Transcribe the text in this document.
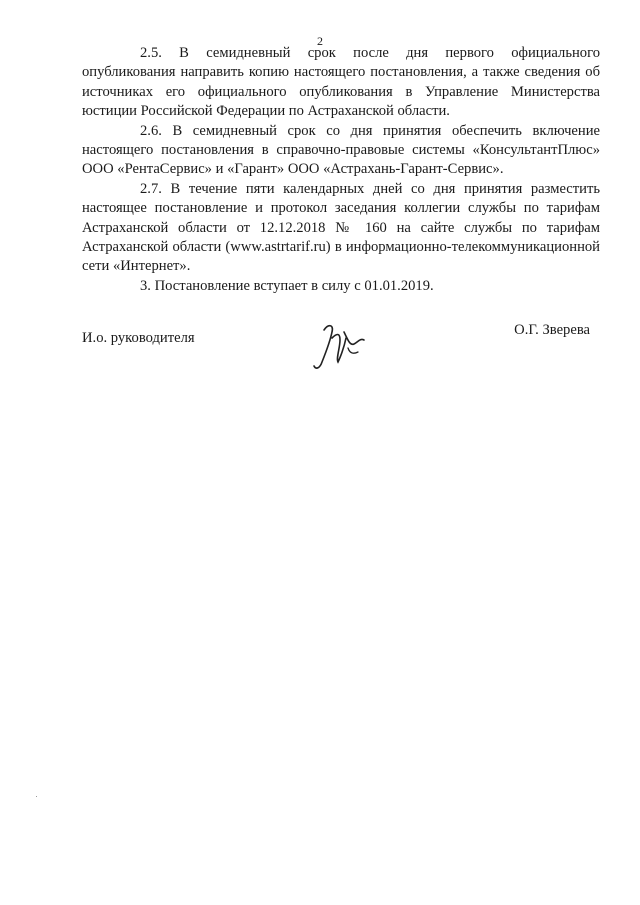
2

2.5. В семидневный срок после дня первого официального опубликования направить копию настоящего постановления, а также сведения об источниках его официального опубликования в Управление Министерства юстиции Российской Федерации по Астраханской области.

2.6. В семидневный срок со дня принятия обеспечить включение настоящего постановления в справочно-правовые системы «КонсультантПлюс» ООО «РентаСервис» и «Гарант» ООО «Астрахань-Гарант-Сервис».

2.7. В течение пяти календарных дней со дня принятия разместить настоящее постановление и протокол заседания коллегии службы по тарифам Астраханской области от 12.12.2018 № 160 на сайте службы по тарифам Астраханской области (www.astrtarif.ru) в информационно-телекоммуникационной сети «Интернет».

3. Постановление вступает в силу с 01.01.2019.

И.о. руководителя	О.Г. Зверева
